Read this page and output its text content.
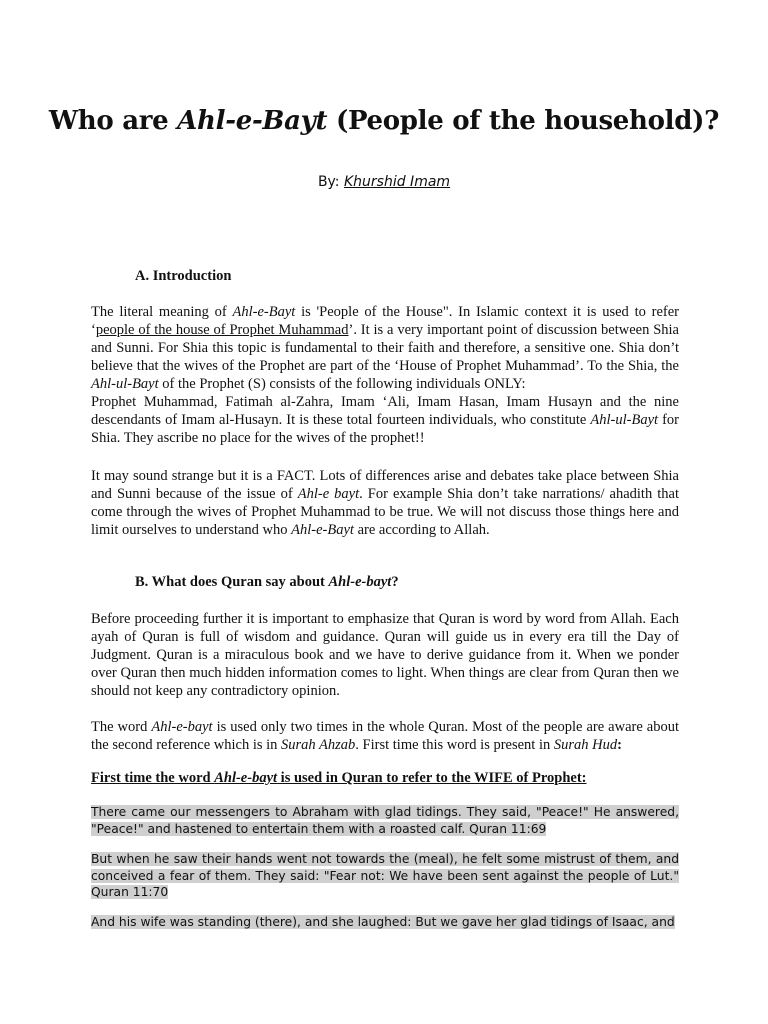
Who are Ahl-e-Bayt (People of the household)?
By: Khurshid Imam
A. Introduction
The literal meaning of Ahl-e-Bayt is 'People of the House". In Islamic context it is used to refer ‘people of the house of Prophet Muhammad’. It is a very important point of discussion between Shia and Sunni. For Shia this topic is fundamental to their faith and therefore, a sensitive one. Shia don’t believe that the wives of the Prophet are part of the ‘House of Prophet Muhammad’. To the Shia, the Ahl-ul-Bayt of the Prophet (S) consists of the following individuals ONLY:
Prophet Muhammad, Fatimah al-Zahra, Imam ‘Ali, Imam Hasan, Imam Husayn and the nine descendants of Imam al-Husayn. It is these total fourteen individuals, who constitute Ahl-ul-Bayt for Shia. They ascribe no place for the wives of the prophet!!
It may sound strange but it is a FACT. Lots of differences arise and debates take place between Shia and Sunni because of the issue of Ahl-e bayt. For example Shia don’t take narrations/ ahadith that come through the wives of Prophet Muhammad to be true. We will not discuss those things here and limit ourselves to understand who Ahl-e-Bayt are according to Allah.
B. What does Quran say about Ahl-e-bayt?
Before proceeding further it is important to emphasize that Quran is word by word from Allah. Each ayah of Quran is full of wisdom and guidance. Quran will guide us in every era till the Day of Judgment. Quran is a miraculous book and we have to derive guidance from it. When we ponder over Quran then much hidden information comes to light. When things are clear from Quran then we should not keep any contradictory opinion.
The word Ahl-e-bayt is used only two times in the whole Quran. Most of the people are aware about the second reference which is in Surah Ahzab. First time this word is present in Surah Hud:
First time the word Ahl-e-bayt is used in Quran to refer to the WIFE of Prophet:
There came our messengers to Abraham with glad tidings. They said, "Peace!" He answered, "Peace!" and hastened to entertain them with a roasted calf. Quran 11:69
But when he saw their hands went not towards the (meal), he felt some mistrust of them, and conceived a fear of them. They said: "Fear not: We have been sent against the people of Lut." Quran 11:70
And his wife was standing (there), and she laughed: But we gave her glad tidings of Isaac, and
